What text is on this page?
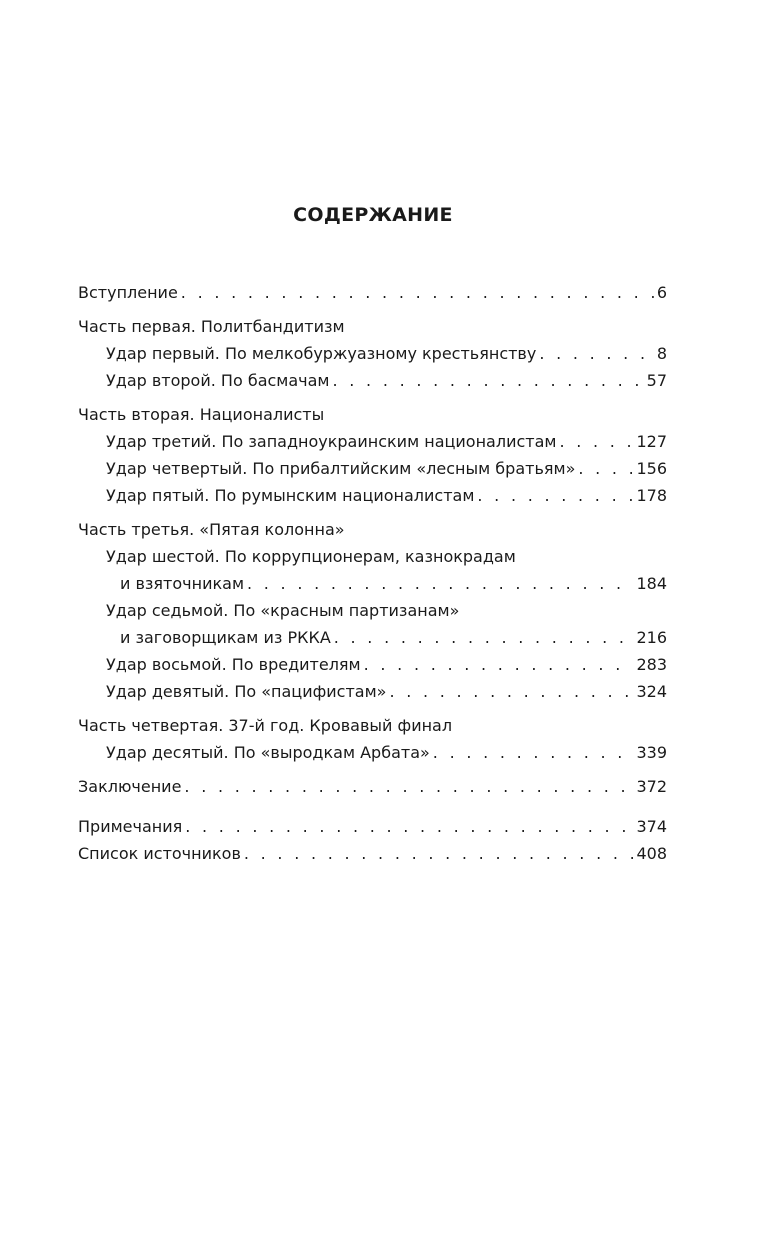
СОДЕРЖАНИЕ
Вступление . . .	6
Часть первая. Политбандитизм
Удар первый. По мелкобуржуазному крестьянству . . .	8
Удар второй. По басмачам . . .	57
Часть вторая. Националисты
Удар третий. По западноукраинским националистам . . .	127
Удар четвертый. По прибалтийским «лесным братьям» . . .	156
Удар пятый. По румынским националистам . . .	178
Часть третья. «Пятая колонна»
Удар шестой. По коррупционерам, казнокрадам
и взяточникам . . .	184
Удар седьмой. По «красным партизанам»
и заговорщикам из РККА . . .	216
Удар восьмой. По вредителям . . .	283
Удар девятый. По «пацифистам» . . .	324
Часть четвертая. 37-й год. Кровавый финал
Удар десятый. По «выродкам Арбата» . . .	339
Заключение . . .	372
Примечания . . .	374
Список источников . . .	408
